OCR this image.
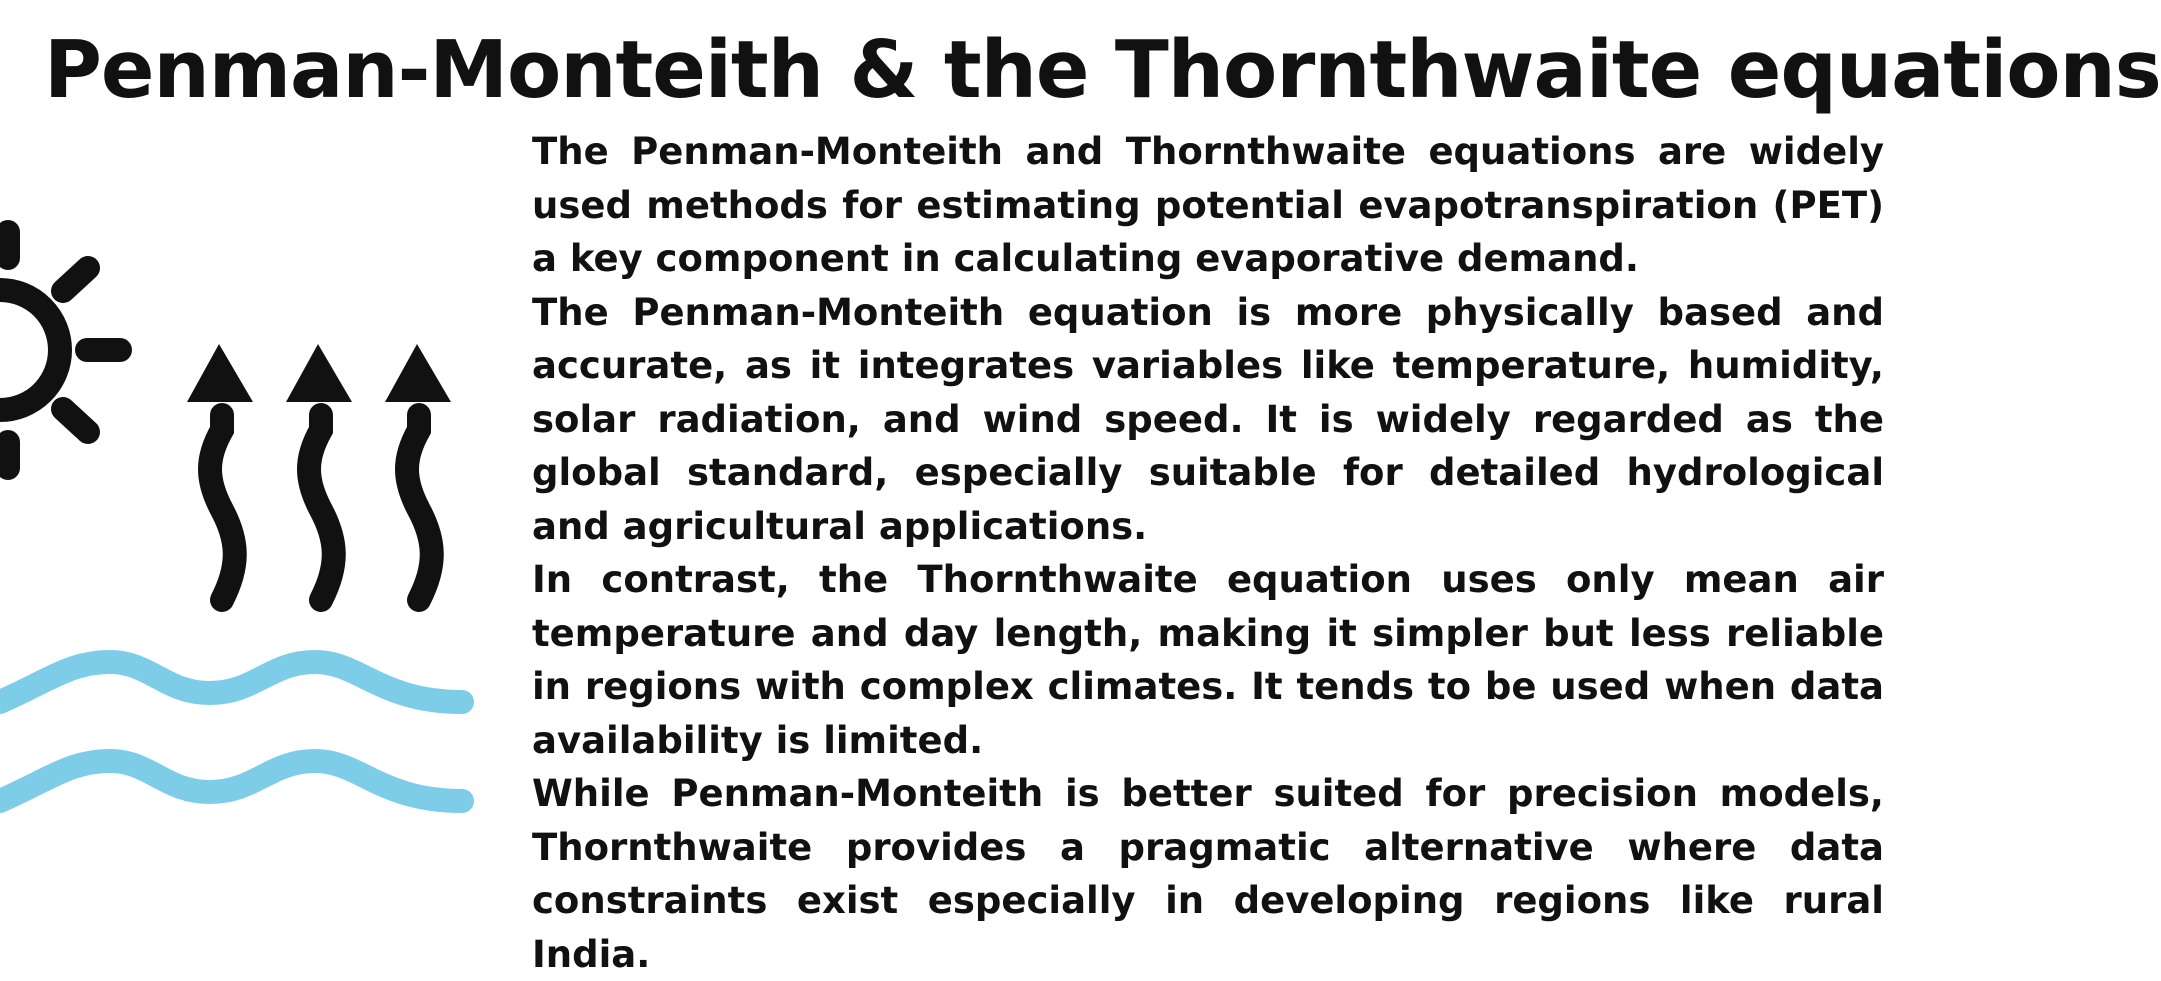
Penman-Monteith & the Thornthwaite equations

The Penman-Monteith and Thornthwaite equations are widely used methods for estimating potential evapotranspiration (PET) a key component in calculating evaporative demand.

The Penman-Monteith equation is more physically based and accurate, as it integrates variables like temperature, humidity, solar radiation, and wind speed. It is widely regarded as the global standard, especially suitable for detailed hydrological and agricultural applications.

In contrast, the Thornthwaite equation uses only mean air temperature and day length, making it simpler but less reliable in regions with complex climates. It tends to be used when data availability is limited.

While Penman-Monteith is better suited for precision models, Thornthwaite provides a pragmatic alternative where data constraints exist especially in developing regions like rural India.
